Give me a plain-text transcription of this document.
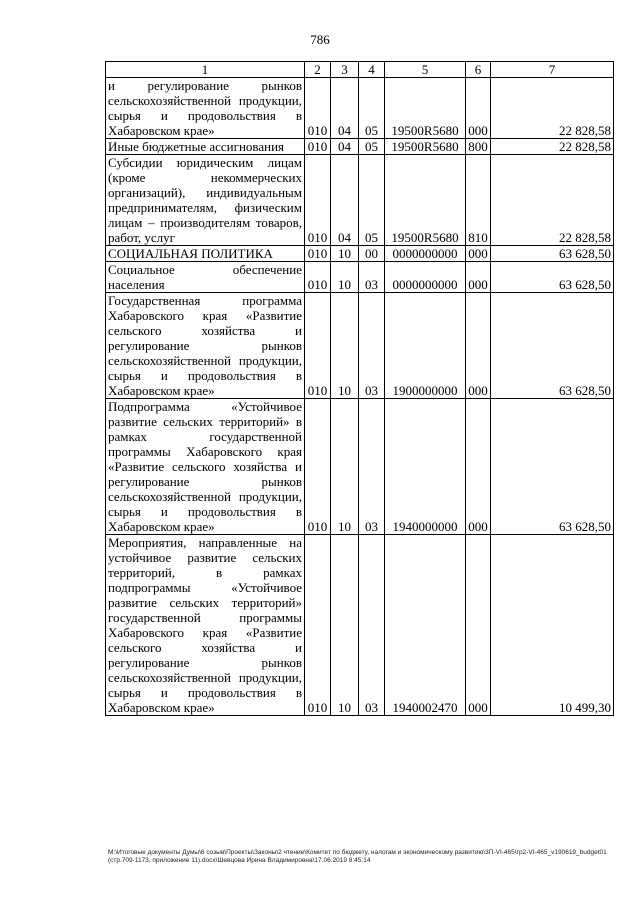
786
1	2	3	4	5	6	7
и регулирование рынков сельскохозяйственной продукции, сырья и продовольствия в Хабаровском крае»	010	04	05	19500R5680	000	22 828,58
Иные бюджетные ассигнования	010	04	05	19500R5680	800	22 828,58
Субсидии юридическим лицам (кроме некоммерческих организаций), индивидуальным предпринимателям, физическим лицам – производителям товаров, работ, услуг	010	04	05	19500R5680	810	22 828,58
СОЦИАЛЬНАЯ ПОЛИТИКА	010	10	00	0000000000	000	63 628,50
Социальное обеспечение населения	010	10	03	0000000000	000	63 628,50
Государственная программа Хабаровского края «Развитие сельского хозяйства и регулирование рынков сельскохозяйственной продукции, сырья и продовольствия в Хабаровском крае»	010	10	03	1900000000	000	63 628,50
Подпрограмма «Устойчивое развитие сельских территорий» в рамках государственной программы Хабаровского края «Развитие сельского хозяйства и регулирование рынков сельскохозяйственной продукции, сырья и продовольствия в Хабаровском крае»	010	10	03	1940000000	000	63 628,50
Мероприятия, направленные на устойчивое развитие сельских территорий, в рамках подпрограммы «Устойчивое развитие сельских территорий» государственной программы Хабаровского края «Развитие сельского хозяйства и регулирование рынков сельскохозяйственной продукции, сырья и продовольствия в Хабаровском крае»	010	10	03	1940002470	000	10 499,30
M:\Итоговые документы Думы\6 созыв\Проекты\Законы\2 чтение\Комитет по бюджету, налогам и экономическому развитию\3П-VI-465\гр2-VI-465_v190619_budget01 (стр.709-1173, приложение 11).docx\Шевцова Ирина Владимировна\17.06.2019 8:45:14
